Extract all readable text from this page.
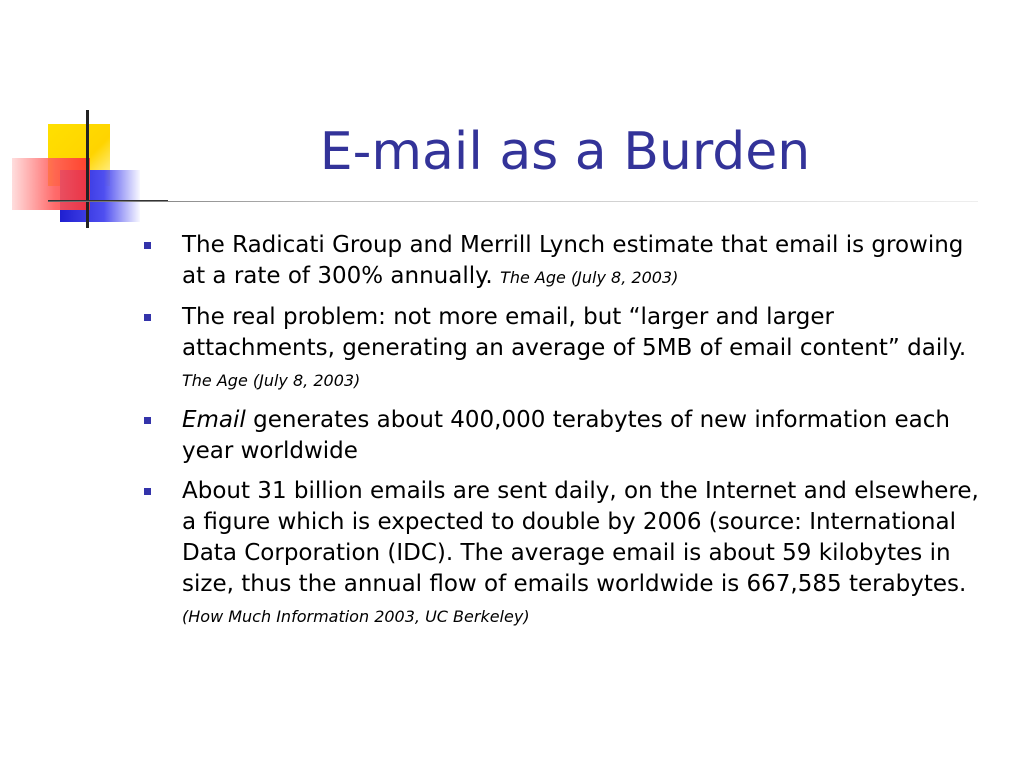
E-mail as a Burden
The Radicati Group and Merrill Lynch estimate that email is growing at a rate of 300% annually. The Age (July 8, 2003)
The real problem: not more email, but “larger and larger attachments, generating an average of 5MB of email content” daily. The Age (July 8, 2003)
Email generates about 400,000 terabytes of new information each year worldwide
About 31 billion emails are sent daily, on the Internet and elsewhere, a figure which is expected to double by 2006 (source: International Data Corporation (IDC). The average email is about 59 kilobytes in size, thus the annual flow of emails worldwide is 667,585 terabytes. (How Much Information 2003, UC Berkeley)
